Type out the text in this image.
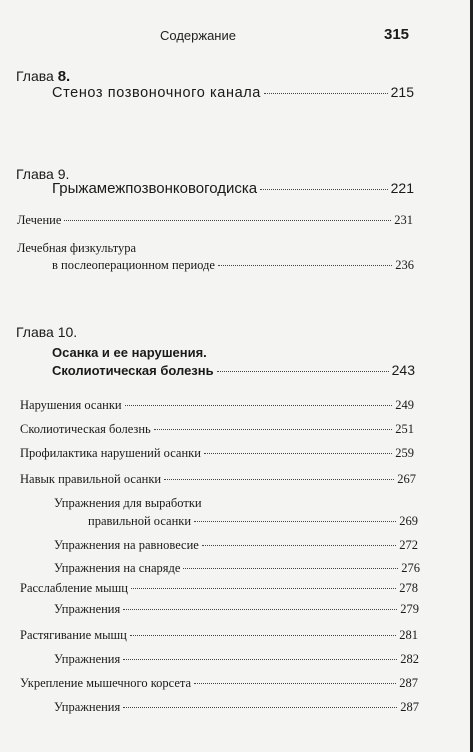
Содержание	315
Глава 8.
Стеноз позвоночного канала	215
Глава 9.
Грыжамежпозвонковогодиска	221
Лечение	231
Лечебная физкультура
в послеоперационном периоде	236
Глава 10.
Осанка и ее нарушения.
Сколиотическая болезнь	243
Нарушения осанки	249
Сколиотическая болезнь	251
Профилактика нарушений осанки	259
Навык правильной осанки	267
Упражнения для выработки
правильной осанки	269
Упражнения на равновесие	272
Упражнения на снаряде	276
Расслабление мышц	278
Упражнения	279
Растягивание мышц	281
Упражнения	282
Укрепление мышечного корсета	287
Упражнения	287
